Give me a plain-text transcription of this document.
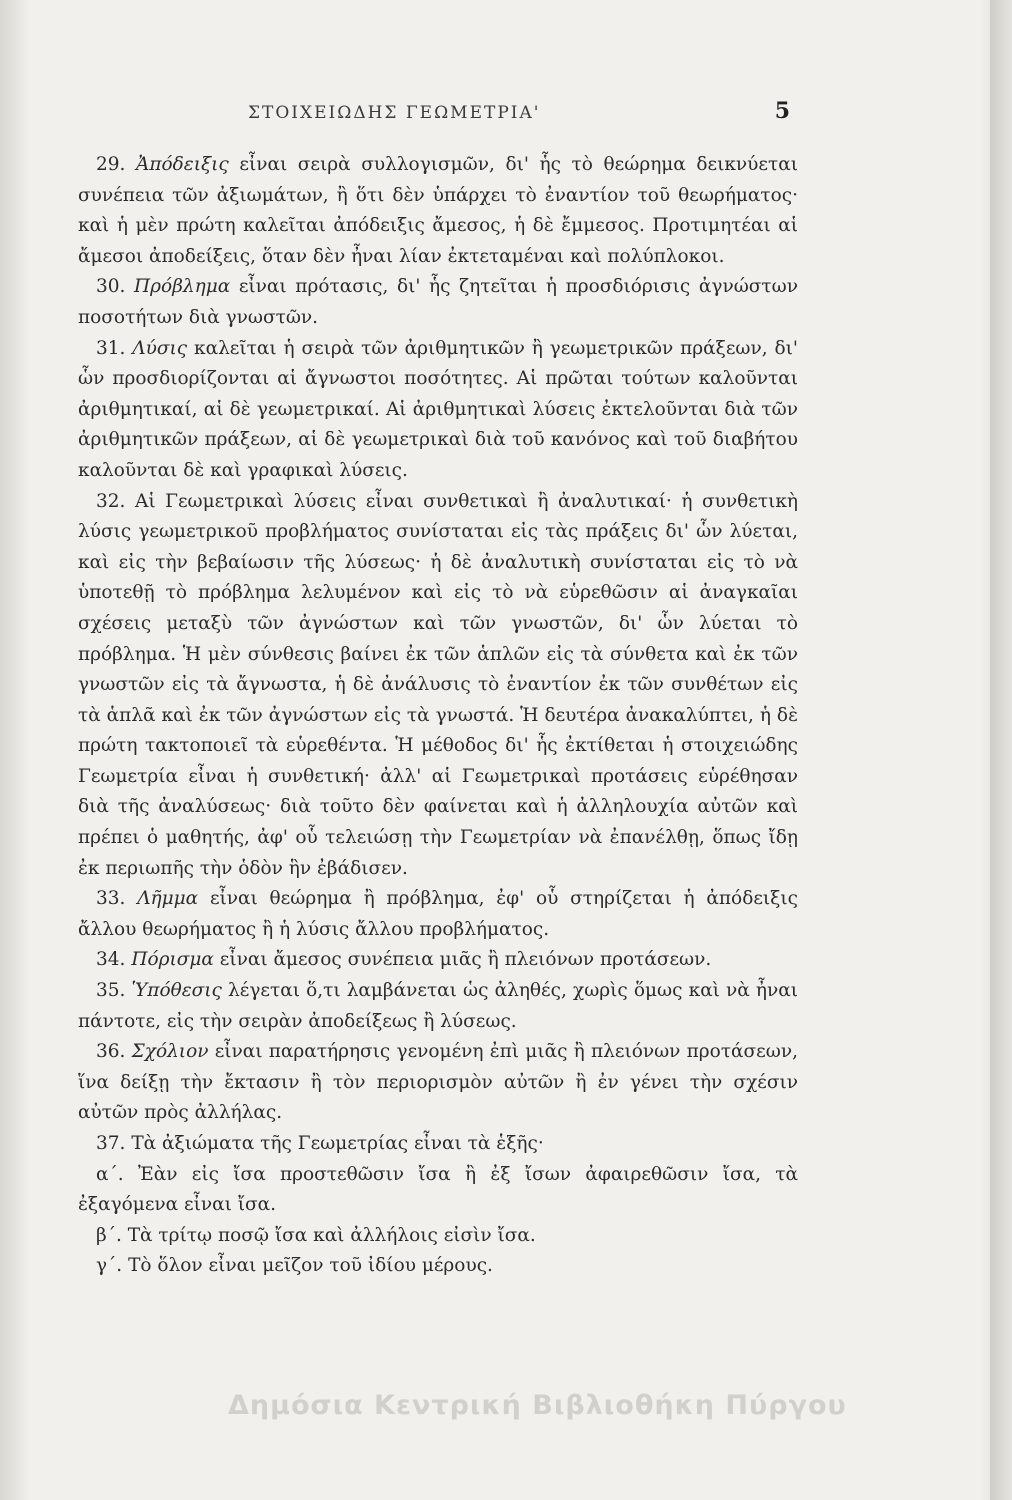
ΣΤΟΙΧΕΙΩΔΗΣ ΓΕΩΜΕΤΡΙΑ'	5

29. Ἀπόδειξις εἶναι σειρὰ συλλογισμῶν, δι' ἧς τὸ θεώρημα δεικνύεται συνέπεια τῶν ἀξιωμάτων, ἢ ὅτι δὲν ὑπάρχει τὸ ἐναντίον τοῦ θεωρήματος· καὶ ἡ μὲν πρώτη καλεῖται ἀπόδειξις ἄμεσος, ἡ δὲ ἔμμεσος. Προτιμητέαι αἱ ἄμεσοι ἀποδείξεις, ὅταν δὲν ἦναι λίαν ἐκτεταμέναι καὶ πολύπλοκοι.

30. Πρόβλημα εἶναι πρότασις, δι' ἧς ζητεῖται ἡ προσδιόρισις ἀγνώστων ποσοτήτων διὰ γνωστῶν.

31. Λύσις καλεῖται ἡ σειρὰ τῶν ἀριθμητικῶν ἢ γεωμετρικῶν πράξεων, δι' ὧν προσδιορίζονται αἱ ἄγνωστοι ποσότητες. Αἱ πρῶται τούτων καλοῦνται ἀριθμητικαί, αἱ δὲ γεωμετρικαί. Αἱ ἀριθμητικαὶ λύσεις ἐκτελοῦνται διὰ τῶν ἀριθμητικῶν πράξεων, αἱ δὲ γεωμετρικαὶ διὰ τοῦ κανόνος καὶ τοῦ διαβήτου καλοῦνται δὲ καὶ γραφικαὶ λύσεις.

32. Αἱ Γεωμετρικαὶ λύσεις εἶναι συνθετικαὶ ἢ ἀναλυτικαί· ἡ συνθετικὴ λύσις γεωμετρικοῦ προβλήματος συνίσταται εἰς τὰς πράξεις δι' ὧν λύεται, καὶ εἰς τὴν βεβαίωσιν τῆς λύσεως· ἡ δὲ ἀναλυτικὴ συνίσταται εἰς τὸ νὰ ὑποτεθῇ τὸ πρόβλημα λελυμένον καὶ εἰς τὸ νὰ εὑρεθῶσιν αἱ ἀναγκαῖαι σχέσεις μεταξὺ τῶν ἀγνώστων καὶ τῶν γνωστῶν, δι' ὧν λύεται τὸ πρόβλημα. Ἡ μὲν σύνθεσις βαίνει ἐκ τῶν ἁπλῶν εἰς τὰ σύνθετα καὶ ἐκ τῶν γνωστῶν εἰς τὰ ἄγνωστα, ἡ δὲ ἀνάλυσις τὸ ἐναντίον ἐκ τῶν συνθέτων εἰς τὰ ἁπλᾶ καὶ ἐκ τῶν ἀγνώστων εἰς τὰ γνωστά. Ἡ δευτέρα ἀνακαλύπτει, ἡ δὲ πρώτη τακτοποιεῖ τὰ εὑρεθέντα. Ἡ μέθοδος δι' ἧς ἐκτίθεται ἡ στοιχειώδης Γεωμετρία εἶναι ἡ συνθετική· ἀλλ' αἱ Γεωμετρικαὶ προτάσεις εὑρέθησαν διὰ τῆς ἀναλύσεως· διὰ τοῦτο δὲν φαίνεται καὶ ἡ ἀλληλουχία αὐτῶν καὶ πρέπει ὁ μαθητής, ἀφ' οὗ τελειώσῃ τὴν Γεωμετρίαν νὰ ἐπανέλθῃ, ὅπως ἴδῃ ἐκ περιωπῆς τὴν ὁδὸν ἣν ἐβάδισεν.

33. Λῆμμα εἶναι θεώρημα ἢ πρόβλημα, ἐφ' οὗ στηρίζεται ἡ ἀπόδειξις ἄλλου θεωρήματος ἢ ἡ λύσις ἄλλου προβλήματος.

34. Πόρισμα εἶναι ἄμεσος συνέπεια μιᾶς ἢ πλειόνων προτάσεων.

35. Ὑπόθεσις λέγεται ὅ,τι λαμβάνεται ὡς ἀληθές, χωρὶς ὅμως καὶ νὰ ἦναι πάντοτε, εἰς τὴν σειρὰν ἀποδείξεως ἢ λύσεως.

36. Σχόλιον εἶναι παρατήρησις γενομένη ἐπὶ μιᾶς ἢ πλειόνων προτάσεων, ἵνα δείξῃ τὴν ἔκτασιν ἢ τὸν περιορισμὸν αὐτῶν ἢ ἐν γένει τὴν σχέσιν αὐτῶν πρὸς ἀλλήλας.

37. Τὰ ἀξιώματα τῆς Γεωμετρίας εἶναι τὰ ἑξῆς·

α΄. Ἐὰν εἰς ἴσα προστεθῶσιν ἴσα ἢ ἐξ ἴσων ἀφαιρεθῶσιν ἴσα, τὰ ἐξαγόμενα εἶναι ἴσα.

β΄. Τὰ τρίτῳ ποσῷ ἴσα καὶ ἀλλήλοις εἰσὶν ἴσα.

γ΄. Τὸ ὅλον εἶναι μεῖζον τοῦ ἰδίου μέρους.

Δημόσια Κεντρική Βιβλιοθήκη Πύργου
